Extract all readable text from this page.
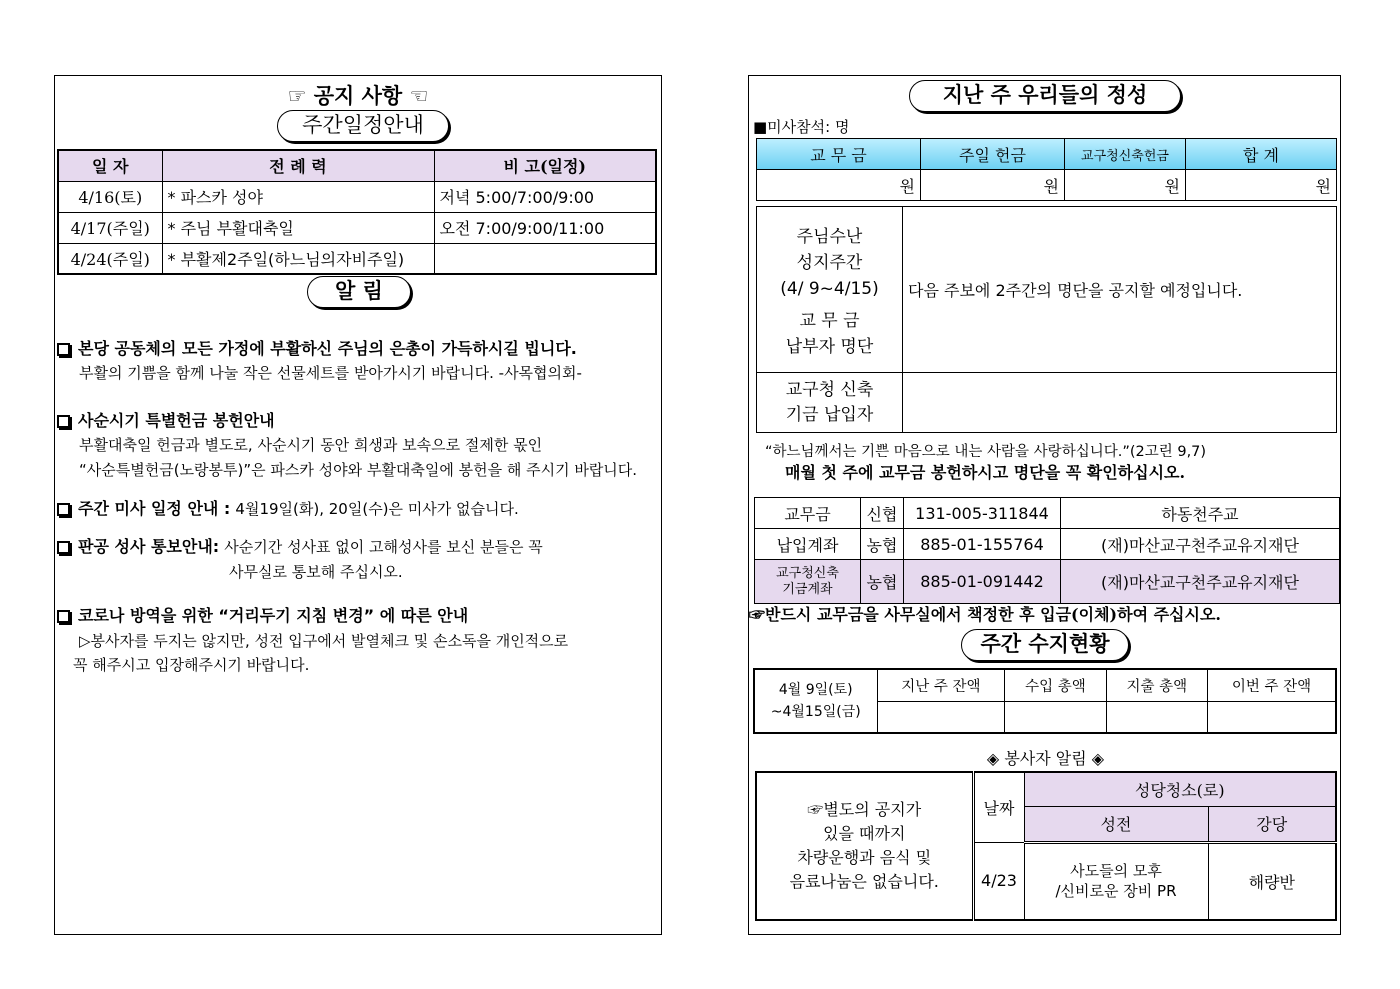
☞ 공지 사항 ☜
주간일정안내
일 자	전 례 력	비 고(일정)
4/16(토)	* 파스카 성야	저녁 5:00/7:00/9:00
4/17(주일)	* 주님 부활대축일	오전 7:00/9:00/11:00
4/24(주일)	* 부활제2주일(하느님의자비주일)	
알 림
본당 공동체의 모든 가정에 부활하신 주님의 은총이 가득하시길 빕니다.
부활의 기쁨을 함께 나눌 작은 선물세트를 받아가시기 바랍니다. -사목협의회-
사순시기 특별헌금 봉헌안내
부활대축일 헌금과 별도로, 사순시기 동안 희생과 보속으로 절제한 몫인
“사순특별헌금(노랑봉투)”은 파스카 성야와 부활대축일에 봉헌을 해 주시기 바랍니다.
주간 미사 일정 안내 : 4월19일(화), 20일(수)은 미사가 없습니다.
판공 성사 통보안내: 사순기간 성사표 없이 고해성사를 보신 분들은 꼭
사무실로 통보해 주십시오.
코로나 방역을 위한 “거리두기 지침 변경” 에 따른 안내
▷봉사자를 두지는 않지만, 성전 입구에서 발열체크 및 손소독을 개인적으로
꼭 해주시고 입장해주시기 바랍니다.
지난 주 우리들의 정성
■미사참석: 명
교 무 금	주일 헌금	교구청신축헌금	합 계
원	원	원	원
주님수난
성지주간
(4/ 9~4/15)
교 무 금
납부자 명단	다음 주보에 2주간의 명단을 공지할 예정입니다.

교구청 신축
기금 납입자	

“하느님께서는 기쁜 마음으로 내는 사람을 사랑하십니다.”(2고린 9,7)
매월 첫 주에 교무금 봉헌하시고 명단을 꼭 확인하십시오.
교무금	신협	131-005-311844	하동천주교
납입계좌	농협	885-01-155764	(재)마산교구천주교유지재단

교구청신축
기금계좌	농협	885-01-091442	(재)마산교구천주교유지재단
☞반드시 교무금을 사무실에서 책정한 후 입금(이체)하여 주십시오.
주간 수지현황
4월 9일(토)
~4월15일(금)	지난 주 잔액	수입 총액	지출 총액	이번 주 잔액

◈ 봉사자 알림 ◈
☞별도의 공지가
있을 때까지
차량운행과 음식 및
음료나눔은 없습니다.	날짜	성당청소(로)	
		성전	강당
	4/23	사도들의 모후
/신비로운 장비 PR	해량반
